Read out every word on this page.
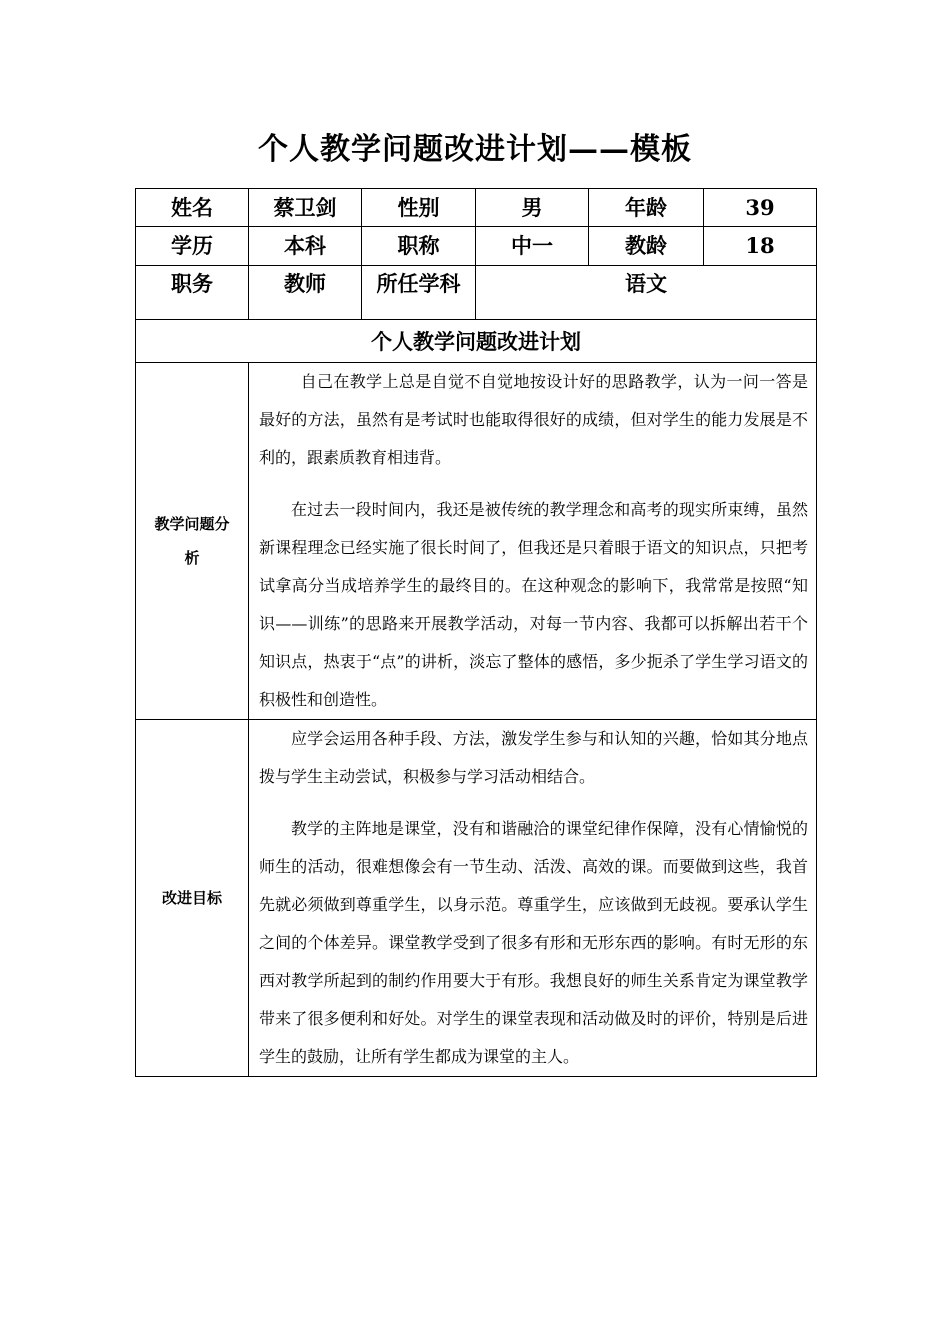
个人教学问题改进计划——模板
姓名	蔡卫剑	性别	男	年龄	39
学历	本科	职称	中一	教龄	18
职务	教师	所任学科	语文		
个人教学问题改进计划					
教学问题分析	自己在教学上总是自觉不自觉地按设计好的思路教学，认为一问一答是最好的方法，虽然有是考试时也能取得很好的成绩，但对学生的能力发展是不利的，跟素质教育相违背。

在过去一段时间内，我还是被传统的教学理念和高考的现实所束缚，虽然新课程理念已经实施了很长时间了，但我还是只着眼于语文的知识点，只把考试拿高分当成培养学生的最终目的。在这种观念的影响下，我常常是按照“知识——训练”的思路来开展教学活动，对每一节内容、我都可以拆解出若干个知识点，热衷于“点”的讲析，淡忘了整体的感悟，多少扼杀了学生学习语文的积极性和创造性。				

改进目标	应学会运用各种手段、方法，激发学生参与和认知的兴趣，恰如其分地点拨与学生主动尝试，积极参与学习活动相结合。

教学的主阵地是课堂，没有和谐融洽的课堂纪律作保障，没有心情愉悦的师生的活动，很难想像会有一节生动、活泼、高效的课。而要做到这些，我首先就必须做到尊重学生，以身示范。尊重学生，应该做到无歧视。要承认学生之间的个体差异。课堂教学受到了很多有形和无形东西的影响。有时无形的东西对教学所起到的制约作用要大于有形。我想良好的师生关系肯定为课堂教学带来了很多便利和好处。对学生的课堂表现和活动做及时的评价，特别是后进学生的鼓励，让所有学生都成为课堂的主人。				
